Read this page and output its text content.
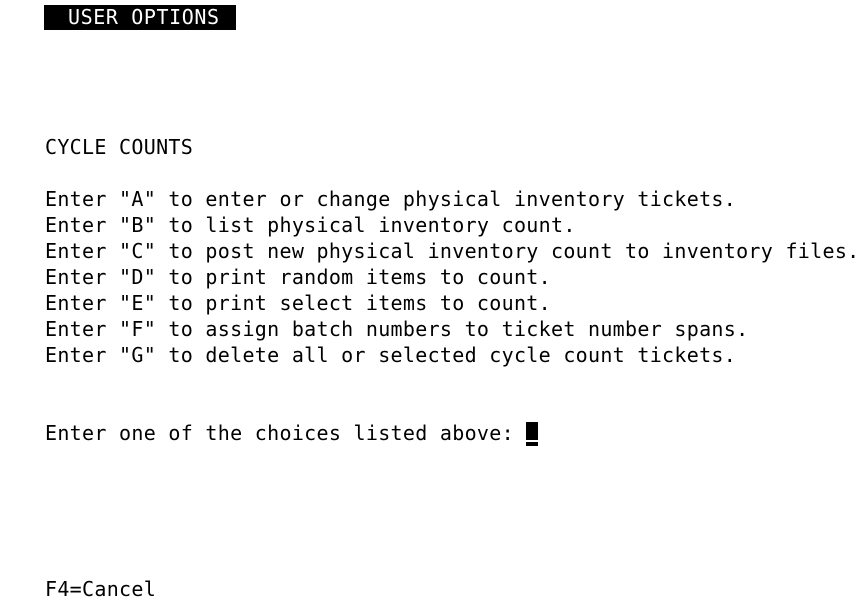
USER OPTIONS
CYCLE COUNTS
Enter "A" to enter or change physical inventory tickets.
Enter "B" to list physical inventory count.
Enter "C" to post new physical inventory count to inventory files.
Enter "D" to print random items to count.
Enter "E" to print select items to count.
Enter "F" to assign batch numbers to ticket number spans.
Enter "G" to delete all or selected cycle count tickets.
Enter one of the choices listed above:
F4=Cancel
